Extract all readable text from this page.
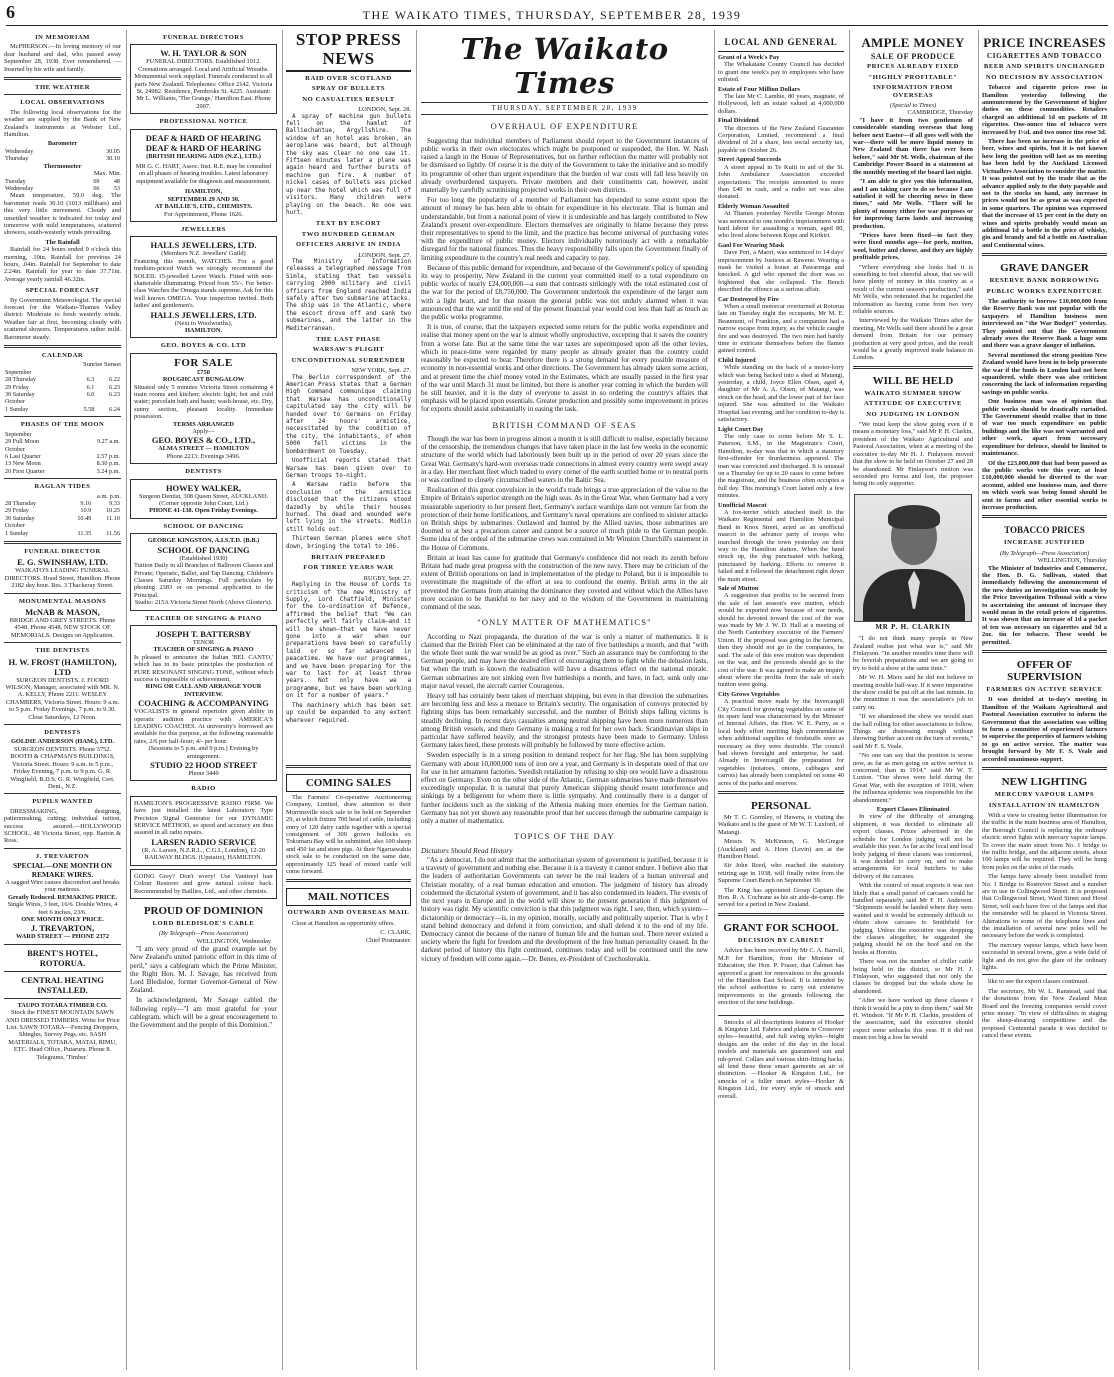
6	THE WAIKATO TIMES, THURSDAY, SEPTEMBER 28, 1939
IN MEMORIAM

McPHERSON.—In loving memory of our dear husband and dad, who passed away September 28, 1938. Ever remembered. —Inserted by his wife and family.

THE WEATHER
LOCAL OBSERVATIONS

The following local observations for the weather are supplied by the Bank of New Zealand's instruments at Webster Ltd., Hamilton.

Barometer
Wednesday	30.05
Thursday	30.10
Thermometer
Max. Min.
Tuesday	69	48
Wednesday	66	53

Mean temperature, 59.0 deg. The barometer reads 30.10 (1013 millibars) and this very little movement. Cloudy and unsettled weather is indicated for today and tomorrow with mild temperatures, scattered showers, south-westerly winds prevailing.

The Rainfall

Rainfall for 24 hours ended 9 o'clock this morning, .10in. Rainfall for previous 24 hours, .04in. Rainfall for September to date 2.24in. Rainfall for year to date 37.71in. Average yearly rainfall 46.32in.

SPECIAL FORECAST

By Government Meteorologist. The special forecast for the Waikato-Thames Valley district: Moderate to fresh westerly winds. Weather fair at first, becoming cloudy with scattered showers. Temperatures rather mild. Barometer steady.

CALENDAR
Sunrise Sunset
September		
28 Thursday	6.3	6.22
29 Friday	6.1	6.23
30 Saturday	6.0	6.23
October		
1 Sunday	5.58	6.24
PHASES OF THE MOON
September	
29 Full Moon	9.27 a.m.
October	
6 Last Quarter	2.57 p.m.
13 New Moon	8.30 p.m.
20 First Quarter	3.24 p.m.
RAGLAN TIDES
a.m. p.m.
28 Thursday	9.16	9.33
29 Friday	10.9	10.25
30 Saturday	10.49	11.10
October		
1 Sunday	11.35	11.56
FUNERAL DIRECTOR
E. G. SWINSHAW, LTD.

WAIKATO'S LEADING FUNERAL DIRECTORS. Hood Street, Hamilton. Phone 2182 day hour. Res. 3 Thackeray Street.

MONUMENTAL MASONS
McNAB & MASON,

BRIDGE AND GREY STREETS. Phone 4548. Phone 4548. NEW STOCK OF MEMORIALS. Designs on Application.

THE DENTISTS
H. W. FROST (HAMILTON), LTD

SURGEON DENTISTS. J. FOORD WILSON, Manager, associated with MR. N. A. KELLY, Phone 2211. WESLEY CHAMBERS, Victoria Street. Hours: 9 a.m. to 5 p.m. Friday Evenings, 7 p.m. to 9.30. Close Saturdays, 12 Noon.

DENTISTS
GOLDIE ANDERSON (HAM.), LTD.

SURGEON DENTISTS. Phone 3752. BOOTH & CHAPMAN'S BUILDINGS, Victoria Street. Hours: 9 a.m. to 5 p.m., Friday Evening, 7 p.m. to 9 p.m. G. R. Wingfield, B.D.S. G. R. Wingfield, Cert. Dent., N.Z.

PUPILS WANTED

DRESSMAKING, designing, patternmaking, cutting; individual tuition, success assured.—HOLLYWOOD SCHOOL, 48 Victoria Street, opp. Barton & Ross.

J. TREVARTON
SPECIAL—ONE MONTH ON REMAKE WIRES.
A sagged Wire causes discomfort and breaks your mattress.
Greatly Reduced. REMAKING PRICE.
Single Wires, 3 feet, 16/6. Double Wires, 4 feet 6 inches, 23/6.
ONE MONTH ONLY PRICE.
J. TREVARTON,
WARD STREET — PHONE 2372
BRENT'S HOTEL,
ROTORUA.
CENTRAL HEATING
INSTALLED.
TAUPO TOTARA TIMBER CO.

Stock the FINEST MOUNTAIN SAWN AND DRESSED TIMBERS. Write for Price List. SAWN TOTARA—Fencing Droppers, Shingles, Survey Pegs, etc. SASH MATERIALS, TOTARA, MATAI, RIMU, ETC. Head Office, Putaruru. Phone 8. Telegrams, 'Timber.'

FUNERAL DIRECTORS
W. H. TAYLOR & SON

FUNERAL DIRECTORS. Established 1912. Cremations arranged. Local and Artificial Wreaths. Monumental work supplied. Funerals conducted to all parts New Zealand. Telephones: Office 2142. Victoria St. 24982. Residence, Pembroke St. 4225. Assistant: Mr L. Williams, 'The Grange,' Hamilton East. Phone 2907.

PROFESSIONAL NOTICE
DEAF & HARD OF HEARING
DEAF & HARD OF HEARING
(BRITISH HEARING AIDS (N.Z.), LTD.)

MR G. C. HART, Assoc. Inst. R.E. may be consulted on all phases of hearing troubles. Latest laboratory equipment available for diagnosis and measurement.

HAMILTON,
SEPTEMBER 29 AND 30.
AT BAILLIE'S, LTD., CHEMISTS.
For Appointment, Phone 1626.
JEWELLERS
HALLS JEWELLERS, LTD.
(Members N.Z. Jewellers' Guild)

Featuring this month, WATCHES. For a good medium-priced Watch we strongly recommend the SOLEIL 15-jewelled Lever Watch. Fitted with non-shatterable illuminating. Priced from 55/-. For better-class Watches the Omega stands supreme. Ask for this well known OMEGA. Your inspection invited. Both ladies' and gentlemen's.

HALLS JEWELLERS, LTD.
(Next to Woolworths),
HAMILTON.
GEO. BOYES & CO. LTD
FOR SALE
£750
ROUGHCAST BUNGALOW

Situated only 5 minutes Victoria Street containing 4 main rooms and kitchen; electric light; hot and cold water; porcelain bath and basin; wash-house, etc. Dry, sunny section, pleasant locality. Immediate possession.

TERMS ARRANGED
Apply—
GEO. BOYES & CO., LTD.,
ALMA STREET — HAMILTON
Phone 2213; Evenings 3496.
DENTISTS
HOWEY WALKER,

Surgeon Dentist, 308 Queen Street, AUCKLAND. (Corner opposite John Court, Ltd.)

PHONE 41-138. Open Friday Evenings.
SCHOOL OF DANCING
GEORGE KINGSTON, A.I.S.T.D. (B.B.)
SCHOOL OF DANCING
(Established 1930)

Tuition Daily in all Branches of Ballroom Classes and Private; Operatic, Ballet, and Tap Dancing. Children's Classes Saturday Mornings. Full particulars by phoning 2383 or on personal application to the Principal.

Studio: 215A Victoria Street North (Above Gloster's).
TEACHER OF SINGING & PIANO
JOSEPH T. BATTERSBY
TENOR
TEACHER OF SINGING & PIANO

Is pleased to announce the Italian 'BEL CANTO,' which has in its basic principles the production of PURE RESONANT SINGING TONE, without which success is impossible of achievement.

RING OR CALL AND ARRANGE YOUR INTERVIEW.
COACHING & ACCOMPANYING

VOCALISTS in general repertoire given ability in operatic audition practice with AMERICA'S LEADING COACHES. At university's borrowed are available for this purpose, at the following reasonable rates, 2/6 per half-hour; 4/- per hour.

(Sessions to 5 p.m. and 9 p.m.) Evening by arrangement.
STUDIO 22 HOOD STREET
Phone 3449
RADIO

HAMILTON'S PROGRESSIVE RADIO FIRM. We have just installed the latest Laboratory Type Precision Signal Generator for our DYNAMIC SERVICE METHOD, so speed and accuracy are thus assured in all radio repairs.

LARSEN RADIO SERVICE
(R. A. Larsen, N.Z.R.L., C.G.I., London), 12-20 RAILWAY BLDGS. (Upstairs), HAMILTON.

GOING Grey? Don't worry! Use Vanitreyl hair Colour Restorer and grow natural colour back. Recommended by Baillies, Ltd., and other chemists.

PROUD OF DOMINION
LORD BLEDISLOE'S CABLE
(By Telegraph—Press Association)
WELLINGTON, Wednesday

"I am very proud of the grand example set by New Zealand's united patriotic effort in this time of peril," says a cablegram which the Prime Minister, the Right Hon. M. J. Savage, has received from Lord Bledisloe, former Governor-General of New Zealand.

In acknowledgment, Mr Savage cabled the following reply—"I am most grateful for your cablegram, which will be a great encouragement to the Government and the people of this Dominion."

STOP PRESS NEWS
RAID OVER SCOTLAND
SPRAY OF BULLETS
NO CASUALTIES RESULT
LONDON, Sept. 28.

A spray of machine gun bullets fell on the hamlet of Balliechantue, Argyllshire. The window of an hotel was broken, an aeroplane was heard, but although the sky was clear no one saw it. Fifteen minutes later a plane was again heard and further bursts of machine gun fire. A number of nickel cases of bullets was picked up near the hotel which was full of visitors. Many children were playing on the beach. No one was hurt.

TEXT BY ESCORT
TWO HUNDRED GERMAN
OFFICERS ARRIVE IN INDIA
LONDON, Sept. 27.

The Ministry of Information releases a telegraphed message from Simla, stating that two vessels carrying 2000 military and civil officers from England reached India safely after two submarine attacks. The ship was in the Atlantic, where the escort drove off and sank two submarines, and the latter in the Mediterranean.

THE LAST PHASE
WARSAW'S PLIGHT
UNCONDITIONAL SURRENDER
NEW YORK, Sept. 27.

The Berlin correspondent of the American Press states that a German High Command communique claiming that Warsaw has unconditionally capitulated say the city will be handed over to Germans on Friday after 24 hours' armistice, necessitated by the condition of the city, the inhabitants, of whom 5000 fell victims in the bombardment on Tuesday.

Unofficial reports stated that Warsaw has been given over to German troops to-night.

A Warsaw radio before the conclusion of the armistice disclosed that the citizens stood dazedly by while their houses burned. The dead and wounded were left lying in the streets. Modlin still holds out.

Thirteen German planes were shot down, bringing the total to 106.

BRITAIN PREPARED
FOR THREE YEARS WAR
RUGBY, Sept. 27.

Replying in the House of Lords to criticism of the new Ministry of Supply, Lord Chatfield, Minister for the Co-ordination of Defence, affirmed the belief that "We can perfectly well fairly claim—and it will be shown—that we have never gone into a war when our preparations have been so carefully laid or so far advanced in peacetime. We have our programmes, and we have been preparing for the war to last for at least three years. Not only have we a programme, but we have been working on it for a number of years."

The machinery which has been set up could be expanded to any extent wherever required.

COMING SALES

The Farmers' Co-operative Auctioneering Company, Limited, draw attention to their Morrinsville stock sale to be held on September 29, at which fixture 700 head of cattle, including entry of 120 dairy cattle together with a special consignment of 300 grown bullocks ex Tokomaru Bay will be submitted, also 100 sheep and 450 fat and store pigs. At their Ngaruawahia stock sale to be conducted on the same date, approximately 125 head of mixed cattle will come forward.

MAIL NOTICES
OUTWARD AND OVERSEAS MAIL

Close at Hamilton as opportunity offers.

C. CLARK,
Chief Postmaster.
The Waikato Times
THURSDAY, SEPTEMBER 28, 1939
OVERHAUL OF EXPENDITURE

Suggesting that individual members of Parliament should report to the Government instances of public works in their own electorates which might be postponed or suspended, the Hon. W. Nash raised a laugh in the House of Representatives, but on further reflection the matter will probably not be dismissed so lightly. Of course it is the duty of the Government to take the initiative and so modify its programme of other than urgent expenditure that the burden of war costs will fall less heavily on already overburdened taxpayers. Private members and their constituents can, however, assist materially by carefully scrutinising projected works in their own districts.

For too long the popularity of a member of Parliament has depended to some extent upon the amount of money he has been able to obtain for expenditure in his electorate. That is human and understandable, but from a national point of view it is undesirable and has largely contributed to New Zealand's present over-expenditure. Electors themselves are originally to blame because they press their representatives to spend to the limit, and the practice has become universal of purchasing votes with the expenditure of public money. Electors individually notoriously act with a remarkable disregard for the national finances. Thus the heavy responsibility falls upon the Government finally of limiting expenditure to the country's real needs and capacity to pay.

Because of this public demand for expenditure, and because of the Government's policy of spending its way to prosperity, New Zealand in the current year committed itself to a total expenditure on public works of nearly £24,000,000—a sum that contrasts strikingly with the total estimated cost of the war for the period of £8,750,000. The Government undertook the expenditure of the larger sum with a light heart, and for that reason the general public was not unduly alarmed when it was announced that the war until the end of the present financial year would cost less than half as much as the public works programme.

It is true, of course, that the taxpayers expected some return for the public works expenditure and realise that money spent on the war is almost wholly unproductive, excepting that it saves the country from a worse fate. But at the same time the war taxes are superimposed upon all the other levies, which in peace-time were regarded by many people as already greater than the country could reasonably be expected to bear. Therefore there is a strong demand for every possible measure of economy in non-essential works and other directions. The Government has already taken some action, and at present time the chief money voted in the Estimates, which are usually passed in the first year of the war until March 31 must be limited, but there is another year coming in which the burden will be still heavier, and it is the duty of everyone to assist in so ordering the country's affairs that emphasis will be placed upon essentials. Greater production and possibly some improvement in prices for exports should assist substantially in easing the task.

BRITISH COMMAND OF SEAS

Though the war has been in progress almost a month it is still difficult to realise, especially because of the censorship, the tremendous changes that have taken place in the last few weeks in the economic structure of the world which had laboriously been built up in the period of over 20 years since the Great War. Germany's hard-won overseas trade connections in almost every country were swept away in a day. Her merchant fleet which traded to every corner of the earth scuttled home or to neutral ports or was confined to closely circumscribed waters in the Baltic Sea.

Realisation of this great convulsion in the world's trade brings a true appreciation of the value to the Empire of Britain's superior strength on the high seas. As in the Great War, when Germany had a very measurable superiority to her present fleet, Germany's surface warships dare not venture far from the protection of their home fortifications, and Germany's naval operations are confined to sinister attacks on British ships by submarines. Outlawed and hunted by the Allied navies, those submarines are doomed to at best a precarious career and cannot be a source of much pride to the German people. Some idea of the ordeal of the submarine crews was contained in Mr Winston Churchill's statement in the House of Commons.

Britain at least has cause for gratitude that Germany's confidence did not reach its zenith before Britain had made great progress with the construction of the new navy. There may be criticism of the extent of British operations on land in implementation of the pledge to Poland, but it is impossible to overestimate the magnitude of the effort at sea to confound the enemy. British arms in the air prevented the Germans from attaining the dominance they coveted and without which the Allies have more occasion to be thankful to her navy and to the wisdom of the Government in maintaining command of the seas.

"ONLY MATTER OF MATHEMATICS"

According to Nazi propaganda, the duration of the war is only a matter of mathematics. It is claimed that the British Fleet can be eliminated at the rate of five battleships a month, and that "with the whole fleet sunk the war would be as good as over." Such an assurance may be comforting to the German people, and may have the desired effect of encouraging them to fight while the delusion lasts, but when the truth is known the realisation will have a disastrous effect on the national morale. German submarines are not sinking even five battleships a month, and have, in fact, sunk only one major naval vessel, the aircraft carrier Courageous.

Heavy toll has certainly been taken of merchant shipping, but even in that direction the submarines are becoming less and less a menace to Britain's security. The organisation of convoys protected by fighting ships has been remarkably successful, and the number of British ships falling victims is steadily declining. In recent days casualties among neutral shipping have been more numerous than among British vessels, and there Germany is making a rod for her own back. Scandinavian ships in particular have suffered heavily, and the strongest protests have been made to Germany. Unless Germany takes heed, these protests will probably be followed by more effective action.

Sweden especially is in a strong position to demand respect for her flag. She has been supplying Germany with about 10,000,000 tons of iron ore a year, and Germany is in desperate need of that ore for use in her armament factories. Swedish retaliation by refusing to ship ore would have a disastrous effect on Germany. Even on the other side of the Atlantic, German submarines have made themselves exceedingly unpopular. It is natural that purely American shipping should resent interference and sinkings by a belligerent for whom there is little sympathy. And continually there is a danger of further incidents such as the sinking of the Athenia making more enemies for the German nation. Germany has not yet shown any reasonable proof that her success through the submarine campaign is only a matter of mathematics.

TOPICS OF THE DAY
Dictators Should Read History

"As a democrat, I do not admit that the authoritarian system of government is justified, because it is a travesty of government and nothing else. Because it is a travesty it cannot endure. I believe also that the leaders of authoritarian Governments can never be the real leaders of a human universal and Christian morality, of a real human education and emotion. The judgment of history has already condemned the dictatorial system of government, and it has also condemned its leaders. The events of the next years in Europe and in the world will show to the present generation if this judgment of history was right. My scientific conviction is that this judgment was right. I see, then, which system—dictatorship or democracy—is, in my opinion, morally, socially and politically superior. That is why I stand behind democracy and defend it from conviction, and shall defend it to the end of my life. Democracy cannot die because of the nature of human life and the human soul. There never existed a society where the fight for freedom and the development of the free human personality ceased. In the darkest period of history this fight continued, continues today and will be continued until the new victory of freedom will come again.—Dr. Benes, ex-President of Czechoslovakia.

LOCAL AND GENERAL
Grant of a Week's Pay

The Whakatane County Council has decided to grant one week's pay to employees who have enlisted.

Estate of Four Million Dollars

The late Mr C. Lambie, 80 years, magnate, of Hollywood, left an estate valued at 4,000,000 dollars.

Final Dividend

The directors of the New Zealand Guarantee Corporation, Limited, recommend a final dividend of 2d a share, less social security tax, payable on October 26.

Street Appeal Succeeds

A street appeal in Te Kuiti in aid of the St. John Ambulance Association exceeded expectations. The receipts amounted to more than £40 in cash, and a radio set was also donated.

Elderly Woman Assaulted

At Thames yesterday Neville George Moran was sentenced to one month's imprisonment with hard labour for assaulting a woman, aged 80, who lived alone between Kopu and Kirikiri.

Gaol For Wearing Mask

Dave Peri, a Maori, was sentenced to 14 days' imprisonment by Justices at Rawene. Wearing a mask he visited a house at Pawarenga and knocked. A girl who opened the door was so frightened that she collapsed. The Bench described the offence as a serious affair.

Car Destroyed by Fire

When a small motorcar overturned at Rotorua late on Tuesday night the occupants, Mr M. E. Beaumont, of Frankton, and a companion had a narrow escape from injury, as the vehicle caught fire and was destroyed. The two men had barely time to extricate themselves before the flames gained control.

Child Injured

While standing on the back of a motor-lorry which was being backed into a shed at Matangi, yesterday, a child, Joyce Ellen Olsen, aged 4, daughter of Mr A. A. Olsen, of Matangi, was struck on the head, and the lower part of her face injured. She was admitted to the Waikato Hospital last evening, and her condition to-day is satisfactory.

Light Court Day

The only case to come before Mr S. L. Paterson, S.M., in the Magistrate's Court, Hamilton, to-day was that in which a statutory first-offender for drunkenness appeared. The man was convicted and discharged. It is unusual on a Thursday for up to 20 cases to come before the magistrate, and the business often occupies a full day. This morning's Court lasted only a few minutes.

Unofficial Mascot

A fox-terrier which attached itself to the Waikato Regimental and Hamilton Municipal Band in Knox Street, acted as an unofficial mascot to the advance party of troops who marched through the town yesterday on their way to the Hamilton station. When the band struck up, the dog punctuated with barking, punctuated by barking. Efforts to remove it failed and it followed the detachment right down the main street.

Sale of Mutton

A suggestion that profits to be secured from the sale of last season's ewe mutton, which would be exported now because of war needs, should be devoted toward the cost of the war was made by Mr J. W. D. Hall at a meeting of the North Canterbury executive of the Farmers' Union. If the proposal was going to the farmers, then they should not go to the companies, he said. The sale of this ewe mutton was dependent on the war, and the proceeds should go to the cost of the war. It was agreed to make an inquiry about where the profits from the sale of such mutton were going.

City Grows Vegetables

A practical move made by the Invercargill City Council for growing vegetables on some of its spare land was characterised by the Minister of Internal Affairs, the Hon. W. E. Parry, as a local body effort meriting high commendation when additional supplies of foodstuffs were as necessary as they were desirable. The council had shown foresight and enterprise, he said. Already in Invercargill the preparation for vegetables (potatoes, onions, cabbages and carrots) has already been completed on some 40 acres of the parks and reserves.

PERSONAL

Mr T. C. Gormley, of Hawera, is visiting the Waikato and is the guest of Mr W. T. Luxford, of Matangi.

Messrs N. McKinnon, G. McGregor (Auckland) and A. Horn (Levin) are at the Hamilton Hotel.

Sir John Reed, who reached the statutory retiring age in 1938, will finally retire from the Supreme Court Bench on September 30.

The King has appointed Group Captain the Hon. R. A. Cochrane as his air aide-de-camp. He served for a period in New Zealand.

GRANT FOR SCHOOL
DECISION BY CABINET

Advice has been received by Mr C. A. Barrell, M.P. for Hamilton, from the Minister of Education, the Hon. P. Fraser, that Cabinet has approved a grant for renovations to the grounds of the Hamilton East School. It is intended by the school authorities to carry out extensive improvements to the grounds following the erection of the new buildings.

Smocks of all descriptions features of Hooker & Kingston Ltd. Fabrics and plains in Crossover styles—beautiful, and full swing styles—bright designs are the order of the day in the local models and materials are guaranteed sun and tub-proof. Collars and various shirt-fitting backs, all lend these these smart garments an air of distinction. —Hooker & Kingston Ltd., for smocks of a fuller smart styles—Hooker & Kingston Ltd., for every style of smock and overall.

AMPLE MONEY
SALE OF PRODUCE
PRICES ALREADY FIXED
"HIGHLY PROFITABLE"
INFORMATION FROM OVERSEAS
(Special to Times)
CAMBRIDGE, Thursday

"I have it from two gentlemen of considerable standing overseas that long before next Easter—if all goes well with the war—there will be more liquid money in New Zealand than there has ever been before," said Mr M. Wells, chairman of the Cambridge Power Board in a statement at the monthly meeting of the board last night.

"I am able to give you this information, and I am taking care to do so because I am satisfied it will be cheering news in these times," said Mr Wells. "There will be plenty of money either for war purposes or for improving farm lands and increasing production.

"Prices have been fixed—in fact they were fixed months ago—for pork, mutton, wool, butter and cheese, and they are highly profitable prices.

"Where everything else looks bad it is something to feel cheerful about, that we will have plenty of money in this country as a result of the current season's production," said Mr Wells, who reiterated that he regarded the information as having come from two very reliable sources.

Interviewed by the Waikato Times after the meeting, Mr Wells said there should be a great demand from Britain for our primary production at very good prices, and the result would be a greatly improved trade balance in London.

WILL BE HELD
WAIKATO SUMMER SHOW
ATTITUDE OF EXECUTIVE
NO JUDGING IN LONDON

"We must keep the show going even if it means a monetary loss," said Mr P. H. Clarkin, president of the Waikato Agricultural and Pastoral Association, when at a meeting of the executive to-day Mr H. J. Finlayson moved that the show to be held on October 27 and 28 be abandoned. Mr Finlayson's motion was seconded pro forma and lost, the proposer being its only supporter.

MR P. H. CLARKIN

"I do not think many people in New Zealand realise just what war is," said Mr Finlayson. "In another month's time there will be feverish preparations and we are going to try to hold a show at the same time."

Mr W. H. Miers said he did not believe in meeting trouble half-way. If it were imperative the show could be put off at the last minute. In the meantime it was the association's job to carry on.

"If we abandoned the show we would start the ball rolling for other associations to follow. Things are distressing enough without throwing further accent on the turn of events," said Mr F. S. Veale.

"No one can say that the position is worse now, as far as men going on active service is concerned, than in 1914," said Mr W. T. Luxton. "Our shows were held during the Great War, with the exception of 1918, when the influenza epidemic was responsible for the abandonment."

Export Classes Eliminated

In view of the difficulty of arranging shipment, it was decided to eliminate all export classes. Prizes advertised in the schedule for London judging will not be available this year. As far as the local and local body judging of these classes was concerned, it was decided to carry on, and to make arrangements for local butchers to take delivery of the carcases.

With the control of meat exports it was not likely that a small parcel of carcases could be handled separately, said Mr F. H. Anderson. "Shipments would be landed where they were wanted and it would be extremely difficult to obtain show carcases to Smithfield for judging. Unless the executive was dropping the classes altogether, he suggested the judging should be on the hoof and on the hooks at Horotiu.

There was not the number of chiller cattle being held in the district, so Mr H. J. Finlayson, who suggested that not only the classes be dropped but the whole show be abandoned.

"After we have worked up these classes I think it would be a pity to drop them," said Mr H. Windsor. "If Mr P. H. Clarkin, president of the association, said the executive should expect some setbacks this year. If it did not mean too big a loss he would

PRICE INCREASES
CIGARETTES AND TOBACCO
BEER AND SPIRITS UNCHANGED
NO DECISION BY ASSOCIATION

Tobacco and cigarette prices rose in Hamilton yesterday following the announcement by the Government of higher duties on these commodities. Retailers charged an additional 1d on packets of 10 cigarettes. One-ounce tins of tobacco were increased by 1½d, and two ounce tins rose 3d.

There has been no increase in the price of beer, wines and spirits, but it is not known how long the position will last as no meeting has been held by the Auckland Licensed Victuallers Association to consider the matter. It was pointed out by the trade that as the advance applied only to the duty payable and not to the stocks on hand, any increase in prices would not be as great as was expected in some quarters. The opinion was expressed that the increase of 15 per cent in the duty on wines and spirits probably would mean an additional 1d a bottle in the price of whisky, gin and brandy and 6d a bottle on Australian and Continental wines.

GRAVE DANGER
RESERVE BANK BORROWING
PUBLIC WORKS EXPENDITURE

The authority to borrow £10,000,000 from the Reserve Bank was not popular with the taxpayers of Hamilton business men interviewed on "the War Budget" yesterday. They pointed out that the Government already owes the Reserve Bank a huge sum and there was a grave danger of inflation.

Several mentioned the strong position New Zealand would have been in to help prosecute the war if the funds in London had not been squandered, while there was also criticism concerning the lack of information regarding savings on public works.

One business man was of opinion that public works should be drastically curtailed. The Government should realise that in time of war too much expenditure on public buildings and the like was not warranted and other work, apart from necessary expenditure for defence, should be limited to maintenance.

Of the £23,000,000 that had been passed as the public works vote this year, at least £10,000,000 should be diverted to the war account, added one business man, and there on which work was being found should be sent to farms and other essential works to increase production.

TOBACCO PRICES
INCREASE JUSTIFIED
(By Telegraph—Press Association)
WELLINGTON, Thursday

The Minister of Industries and Commerce, the Hon. D. G. Sullivan, stated that immediately following the announcement of the new duties an investigation was made by the Price Investigation Tribunal with a view to ascertaining the amount of increase they would mean in the retail prices of cigarettes. It was shown that an increase of 1d a packet of ten was necessary on cigarettes and 3d a 2oz. tin for tobacco. These would be permitted.

OFFER OF SUPERVISION
FARMERS ON ACTIVE SERVICE

It was decided at to-day's meeting in Hamilton of the Waikato Agricultural and Pastoral Association executive to inform the Government that the association was willing to form a committee of experienced farmers to supervise the properties of farmers wishing to go on active service. The matter was brought forward by Mr F. S. Veale and accorded unanimous support.

NEW LIGHTING
MERCURY VAPOUR LAMPS
INSTALLATION IN HAMILTON

With a view to creating better illumination for the traffic in the main business area of Hamilton, the Borough Council is replacing the ordinary electric street lights with mercury vapour lamps. To cover the main street from No. 1 bridge to the traffic bridge, and the adjacent streets, about 100 lamps will be required. They will be hung from poles on the sides of the roads.

The lamps have already been installed from No. 1 Bridge to Rostrevor Street and a number are in use in Collingwood Street. It is proposed that Collingwood Street, Ward Street and Hood Street, will each have five of the lamps and that the remainder will be placed in Victoria Street. Alterations to some of the telephone lines and the installation of several new poles will be necessary before the work is completed.

The mercury vapour lamps, which have been successful in several towns, give a wide field of light and do not give the glare of the ordinary lights.

like to see the export classes continued.

The secretary, Mr W. L. Ranstead, said that the donations from the New Zealand Meat Board and the freezing companies would cover prize money. "In view of difficulties in staging the sheep-shearing competitions and the proposed Centennial parade it was decided to cancel these events.
